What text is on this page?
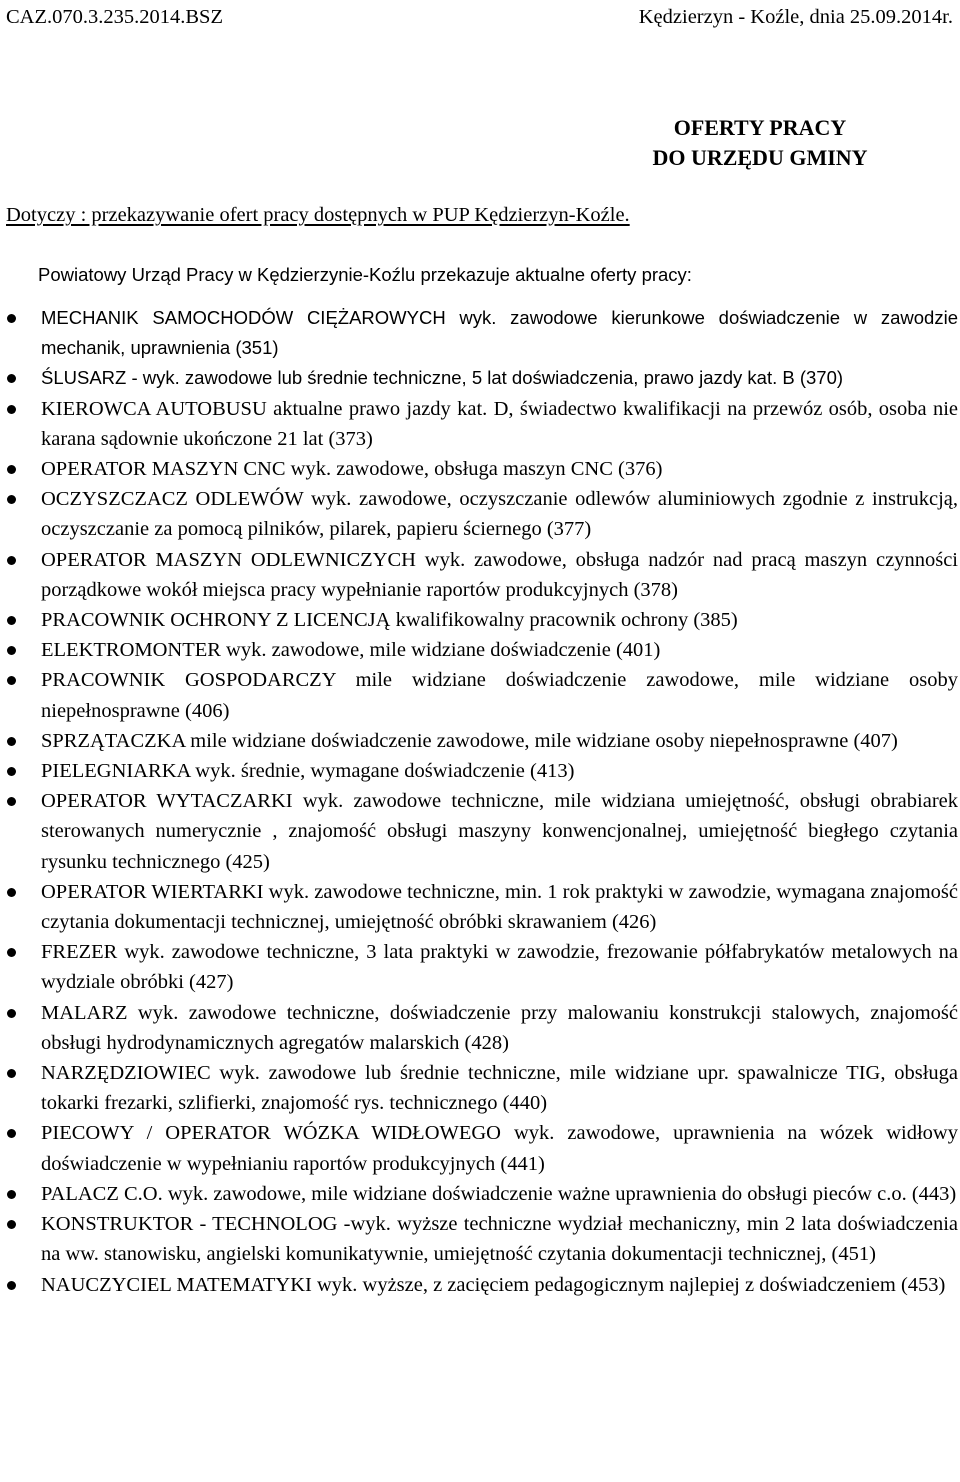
CAZ.070.3.235.2014.BSZ	Kędzierzyn - Koźle, dnia 25.09.2014r.
OFERTY PRACY
DO URZĘDU GMINY
Dotyczy : przekazywanie ofert pracy dostępnych w PUP Kędzierzyn-Koźle.
Powiatowy Urząd Pracy w Kędzierzynie-Koźlu przekazuje aktualne oferty pracy:
MECHANIK SAMOCHODÓW CIĘŻAROWYCH wyk. zawodowe kierunkowe doświadczenie w zawodzie mechanik, uprawnienia (351)
ŚLUSARZ - wyk. zawodowe lub średnie techniczne, 5 lat doświadczenia, prawo jazdy kat. B (370)
KIEROWCA AUTOBUSU aktualne prawo jazdy kat. D, świadectwo kwalifikacji na przewóz osób, osoba nie karana sądownie ukończone 21 lat (373)
OPERATOR MASZYN CNC wyk. zawodowe, obsługa maszyn CNC (376)
OCZYSZCZACZ ODLEWÓW wyk. zawodowe, oczyszczanie odlewów aluminiowych zgodnie z instrukcją, oczyszczanie za pomocą pilników, pilarek, papieru ściernego (377)
OPERATOR MASZYN ODLEWNICZYCH wyk. zawodowe, obsługa nadzór nad pracą maszyn czynności porządkowe wokół miejsca pracy wypełnianie raportów produkcyjnych (378)
PRACOWNIK OCHRONY Z LICENCJĄ kwalifikowalny pracownik ochrony (385)
ELEKTROMONTER wyk. zawodowe, mile widziane doświadczenie (401)
PRACOWNIK GOSPODARCZY mile widziane doświadczenie zawodowe, mile widziane osoby niepełnosprawne (406)
SPRZĄTACZKA mile widziane doświadczenie zawodowe, mile widziane osoby niepełnosprawne (407)
PIELEGNIARKA wyk. średnie, wymagane doświadczenie (413)
OPERATOR WYTACZARKI wyk. zawodowe techniczne, mile widziana umiejętność, obsługi obrabiarek sterowanych numerycznie , znajomość obsługi maszyny konwencjonalnej, umiejętność biegłego czytania rysunku technicznego (425)
OPERATOR WIERTARKI wyk. zawodowe techniczne, min. 1 rok praktyki w zawodzie, wymagana znajomość czytania dokumentacji technicznej, umiejętność obróbki skrawaniem (426)
FREZER wyk. zawodowe techniczne, 3 lata praktyki w zawodzie, frezowanie półfabrykatów metalowych na wydziale obróbki (427)
MALARZ wyk. zawodowe techniczne, doświadczenie przy malowaniu konstrukcji stalowych, znajomość obsługi hydrodynamicznych agregatów malarskich (428)
NARZĘDZIOWIEC wyk. zawodowe lub średnie techniczne, mile widziane upr. spawalnicze TIG, obsługa tokarki frezarki, szlifierki, znajomość rys. technicznego (440)
PIECOWY / OPERATOR WÓZKA WIDŁOWEGO wyk. zawodowe, uprawnienia na wózek widłowy doświadczenie w wypełnianiu raportów produkcyjnych (441)
PALACZ C.O. wyk. zawodowe, mile widziane doświadczenie ważne uprawnienia do obsługi pieców c.o. (443)
KONSTRUKTOR - TECHNOLOG -wyk. wyższe techniczne wydział mechaniczny, min 2 lata doświadczenia na ww. stanowisku, angielski komunikatywnie, umiejętność czytania dokumentacji technicznej, (451)
NAUCZYCIEL MATEMATYKI wyk. wyższe, z zacięciem pedagogicznym najlepiej z doświadczeniem (453)
